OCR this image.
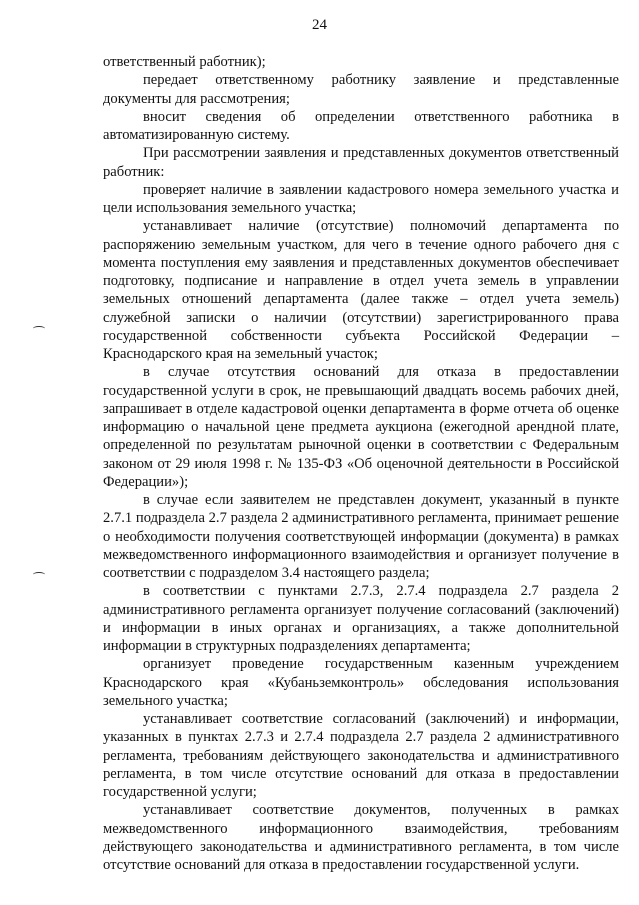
24

ответственный работник);

передает ответственному работнику заявление и представленные документы для рассмотрения;

вносит сведения об определении ответственного работника в автоматизированную систему.

При рассмотрении заявления и представленных документов ответственный работник:

проверяет наличие в заявлении кадастрового номера земельного участка и цели использования земельного участка;

устанавливает наличие (отсутствие) полномочий департамента по распоряжению земельным участком, для чего в течение одного рабочего дня с момента поступления ему заявления и представленных документов обеспечивает подготовку, подписание и направление в отдел учета земель в управлении земельных отношений департамента (далее также – отдел учета земель) служебной записки о наличии (отсутствии) зарегистрированного права государственной собственности субъекта Российской Федерации – Краснодарского края на земельный участок;

в случае отсутствия оснований для отказа в предоставлении государственной услуги в срок, не превышающий двадцать восемь рабочих дней, запрашивает в отделе кадастровой оценки департамента в форме отчета об оценке информацию о начальной цене предмета аукциона (ежегодной арендной плате, определенной по результатам рыночной оценки в соответствии с Федеральным законом от 29 июля 1998 г. № 135-ФЗ «Об оценочной деятельности в Российской Федерации»);

в случае если заявителем не представлен документ, указанный в пункте 2.7.1 подраздела 2.7 раздела 2 административного регламента, принимает решение о необходимости получения соответствующей информации (документа) в рамках межведомственного информационного взаимодействия и организует получение в соответствии с подразделом 3.4 настоящего раздела;

в соответствии с пунктами 2.7.3, 2.7.4 подраздела 2.7 раздела 2 административного регламента организует получение согласований (заключений) и информации в иных органах и организациях, а также дополнительной информации в структурных подразделениях департамента;

организует проведение государственным казенным учреждением Краснодарского края «Кубаньземконтроль» обследования использования земельного участка;

устанавливает соответствие согласований (заключений) и информации, указанных в пунктах 2.7.3 и 2.7.4 подраздела 2.7 раздела 2 административного регламента, требованиям действующего законодательства и административного регламента, в том числе отсутствие оснований для отказа в предоставлении государственной услуги;

устанавливает соответствие документов, полученных в рамках межведомственного информационного взаимодействия, требованиям действующего законодательства и административного регламента, в том числе отсутствие оснований для отказа в предоставлении государственной услуги.
